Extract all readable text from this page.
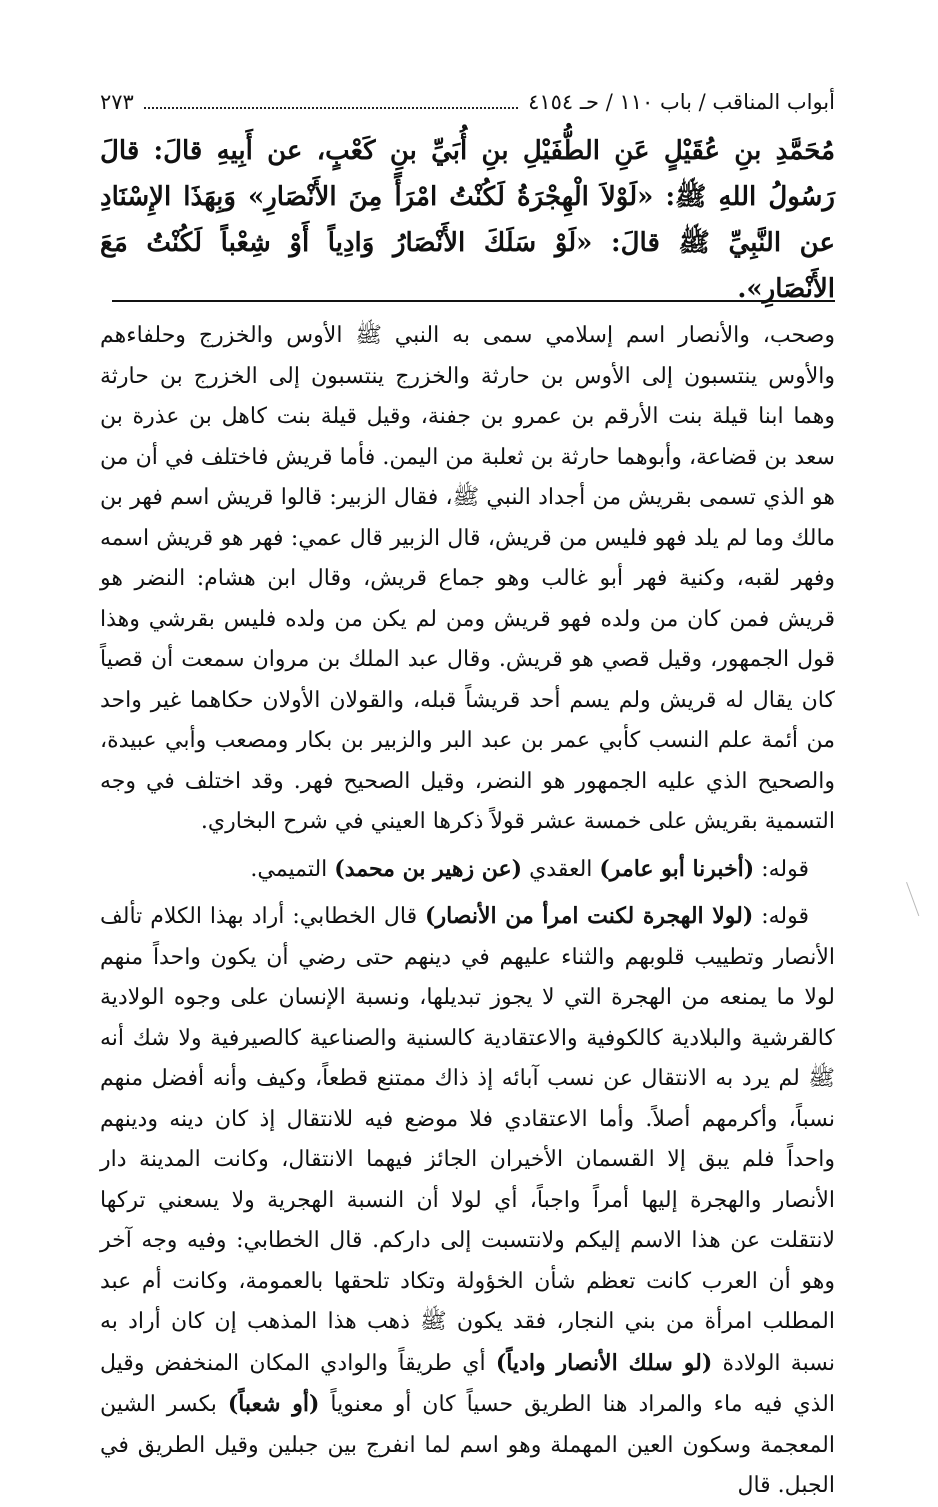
أبواب المناقب / باب ١١٠ / حـ ٤١٥٤
٢٧٣
مُحَمَّدِ بنِ عُقَيْلٍ عَنِ الطُّفَيْلِ بنِ أُبَيِّ بنِ كَعْبٍ، عن أَبِيهِ قالَ: قالَ رَسُولُ اللهِ ﷺ: «لَوْلاَ الْهِجْرَةُ لَكُنْتُ امْرَأً مِنَ الأَنْصَارِ» وَبِهَذَا الإِسْنَادِ عن النَّبِيِّ ﷺ قالَ: «لَوْ سَلَكَ الأَنْصَارُ وَادِياً أَوْ شِعْباً لَكُنْتُ مَعَ الأَنْصَارِ».

وصحب، والأنصار اسم إسلامي سمى به النبي ﷺ الأوس والخزرج وحلفاءهم والأوس ينتسبون إلى الأوس بن حارثة والخزرج ينتسبون إلى الخزرج بن حارثة وهما ابنا قيلة بنت الأرقم بن عمرو بن جفنة، وقيل قيلة بنت كاهل بن عذرة بن سعد بن قضاعة، وأبوهما حارثة بن ثعلبة من اليمن. فأما قريش فاختلف في أن من هو الذي تسمى بقريش من أجداد النبي ﷺ، فقال الزبير: قالوا قريش اسم فهر بن مالك وما لم يلد فهو فليس من قريش، قال الزبير قال عمي: فهر هو قريش اسمه وفهر لقبه، وكنية فهر أبو غالب وهو جماع قريش، وقال ابن هشام: النضر هو قريش فمن كان من ولده فهو قريش ومن لم يكن من ولده فليس بقرشي وهذا قول الجمهور، وقيل قصي هو قريش. وقال عبد الملك بن مروان سمعت أن قصياً كان يقال له قريش ولم يسم أحد قريشاً قبله، والقولان الأولان حكاهما غير واحد من أئمة علم النسب كأبي عمر بن عبد البر والزبير بن بكار ومصعب وأبي عبيدة، والصحيح الذي عليه الجمهور هو النضر، وقيل الصحيح فهر. وقد اختلف في وجه التسمية بقريش على خمسة عشر قولاً ذكرها العيني في شرح البخاري.

قوله: (أخبرنا أبو عامر) العقدي (عن زهير بن محمد) التميمي.

قوله: (لولا الهجرة لكنت امرأ من الأنصار) قال الخطابي: أراد بهذا الكلام تألف الأنصار وتطييب قلوبهم والثناء عليهم في دينهم حتى رضي أن يكون واحداً منهم لولا ما يمنعه من الهجرة التي لا يجوز تبديلها، ونسبة الإنسان على وجوه الولادية كالقرشية والبلادية كالكوفية والاعتقادية كالسنية والصناعية كالصيرفية ولا شك أنه ﷺ لم يرد به الانتقال عن نسب آبائه إذ ذاك ممتنع قطعاً، وكيف وأنه أفضل منهم نسباً، وأكرمهم أصلاً. وأما الاعتقادي فلا موضع فيه للانتقال إذ كان دينه ودينهم واحداً فلم يبق إلا القسمان الأخيران الجائز فيهما الانتقال، وكانت المدينة دار الأنصار والهجرة إليها أمراً واجباً، أي لولا أن النسبة الهجرية ولا يسعني تركها لانتقلت عن هذا الاسم إليكم ولانتسبت إلى داركم. قال الخطابي: وفيه وجه آخر وهو أن العرب كانت تعظم شأن الخؤولة وتكاد تلحقها بالعمومة، وكانت أم عبد المطلب امرأة من بني النجار، فقد يكون ﷺ ذهب هذا المذهب إن كان أراد به نسبة الولادة (لو سلك الأنصار وادياً) أي طريقاً والوادي المكان المنخفض وقيل الذي فيه ماء والمراد هنا الطريق حسياً كان أو معنوياً (أو شعباً) بكسر الشين المعجمة وسكون العين المهملة وهو اسم لما انفرج بين جبلين وقيل الطريق في الجبل. قال
